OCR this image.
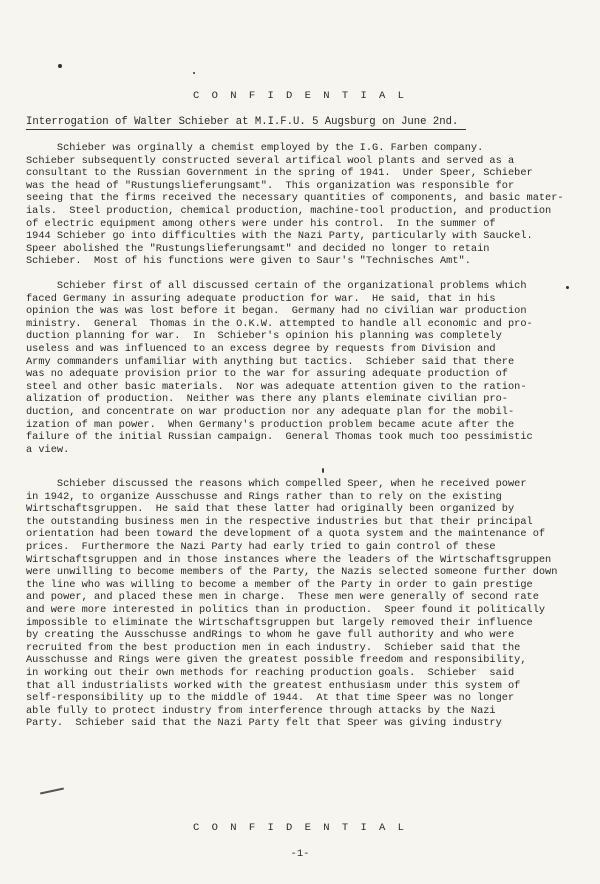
C O N F I D E N T I A L
Interrogation of Walter Schieber at M.I.F.U. 5 Augsburg on June 2nd.

Schieber was orginally a chemist employed by the I.G. Farben company.
Schieber subsequently constructed several artifical wool plants and served as a
consultant to the Russian Government in the spring of 1941.  Under Speer, Schieber
was the head of "Rustungslieferungsamt".  This organization was responsible for
seeing that the firms received the necessary quantities of components, and basic mater-
ials.  Steel production, chemical production, machine-tool production, and production
of electric equipment among others were under his control.  In the summer of
1944 Schieber go into difficulties with the Nazi Party, particularly with Sauckel.
Speer abolished the "Rustungslieferungsamt" and decided no longer to retain
Schieber.  Most of his functions were given to Saur's "Technisches Amt".

Schieber first of all discussed certain of the organizational problems which
faced Germany in assuring adequate production for war.  He said, that in his
opinion the was was lost before it began.  Germany had no civilian war production
ministry.  General  Thomas in the O.K.W. attempted to handle all economic and pro-
duction planning for war.  In  Schieber's opinion his planning was completely
useless and was influenced to an excess degree by requests from Division and
Army commanders unfamiliar with anything but tactics.  Schieber said that there
was no adequate provision prior to the war for assuring adequate production of
steel and other basic materials.  Nor was adequate attention given to the ration-
alization of production.  Neither was there any plants eleminate civilian pro-
duction, and concentrate on war production nor any adequate plan for the mobil-
ization of man power.  When Germany's production problem became acute after the
failure of the initial Russian campaign.  General Thomas took much too pessimistic
a view.

Schieber discussed the reasons which compelled Speer, when he received power
in 1942, to organize Ausschusse and Rings rather than to rely on the existing
Wirtschaftsgruppen.  He said that these latter had originally been organized by
the outstanding business men in the respective industries but that their principal
orientation had been toward the development of a quota system and the maintenance of
prices.  Furthermore the Nazi Party had early tried to gain control of these
Wirtschaftsgruppen and in those instances where the leaders of the Wirtschaftsgruppen
were unwilling to become members of the Party, the Nazis selected someone further down
the line who was willing to become a member of the Party in order to gain prestige
and power, and placed these men in charge.  These men were generally of second rate
and were more interested in politics than in production.  Speer found it politically
impossible to eliminate the Wirtschaftsgruppen but largely removed their influence
by creating the Ausschusse andRings to whom he gave full authority and who were
recruited from the best production men in each industry.  Schieber said that the
Ausschusse and Rings were given the greatest possible freedom and responsibility,
in working out their own methods for reaching production goals.  Schieber  said
that all industrialists worked with the greatest enthusiasm under this system of
self-responsibility up to the middle of 1944.  At that time Speer was no longer
able fully to protect industry from interference through attacks by the Nazi
Party.  Schieber said that the Nazi Party felt that Speer was giving industry

C O N F I D E N T I A L
-1-
